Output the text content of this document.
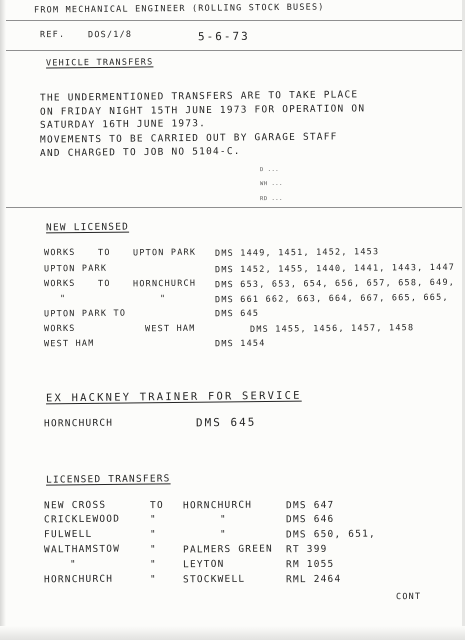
FROM MECHANICAL ENGINEER (ROLLING STOCK BUSES)
REF.	DOS/1/8	5-6-73
VEHICLE TRANSFERS
THE UNDERMENTIONED TRANSFERS ARE TO TAKE PLACE
ON FRIDAY NIGHT 15TH JUNE 1973 FOR OPERATION ON
SATURDAY 16TH JUNE 1973.
MOVEMENTS TO BE CARRIED OUT BY GARAGE STAFF
AND CHARGED TO JOB NO 5104-C.
D ...
WH ...
RD ...
NEW LICENSED
WORKS	TO	UPTON PARK DMS 1449, 1451, 1452, 1453
UPTON PARK	DMS 1452, 1455, 1440, 1441, 1443, 1447
WORKS	TO	HORNCHURCH DMS 653, 653, 654, 656, 657, 658, 649,
"	"	DMS 661 662, 663, 664, 667, 665, 665,
UPTON PARK TO	DMS 645
WORKS	WEST HAM	DMS 1455, 1456, 1457, 1458
WEST HAM	DMS 1454
EX HACKNEY TRAINER FOR SERVICE
HORNCHURCH	DMS 645
LICENSED TRANSFERS
NEW CROSS	TO HORNCHURCH	DMS 647
CRICKLEWOOD	"	"	DMS 646
FULWELL	"	"	DMS 650, 651,
WALTHAMSTOW	"	PALMERS GREEN RT 399
"	"	LEYTON	RM 1055
HORNCHURCH	"	STOCKWELL	RML 2464
CONT
